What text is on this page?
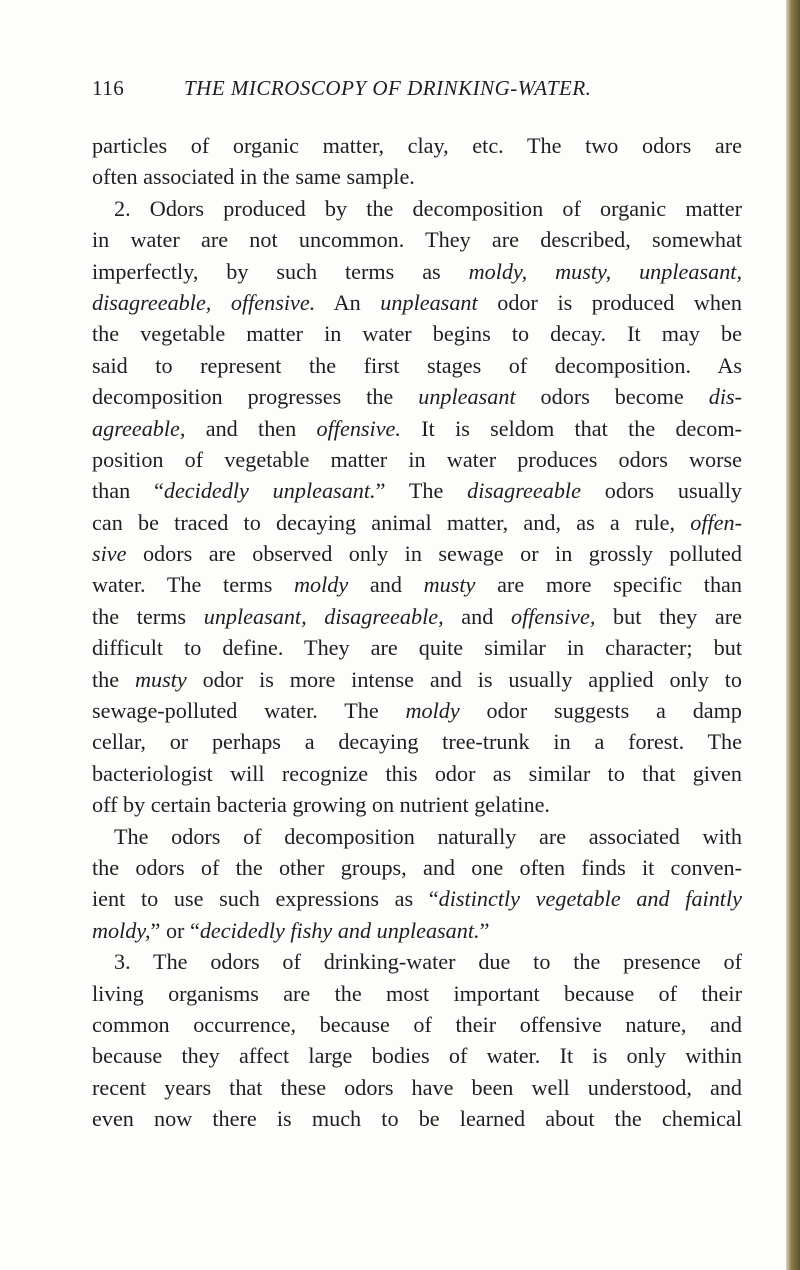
116	THE MICROSCOPY OF DRINKING-WATER.
particles of organic matter, clay, etc. The two odors are
often associated in the same sample.
2. Odors produced by the decomposition of organic matter
in water are not uncommon. They are described, somewhat
imperfectly, by such terms as moldy, musty, unpleasant,
disagreeable, offensive. An unpleasant odor is produced when
the vegetable matter in water begins to decay. It may be
said to represent the first stages of decomposition. As
decomposition progresses the unpleasant odors become dis-
agreeable, and then offensive. It is seldom that the decom-
position of vegetable matter in water produces odors worse
than “decidedly unpleasant.” The disagreeable odors usually
can be traced to decaying animal matter, and, as a rule, offen-
sive odors are observed only in sewage or in grossly polluted
water. The terms moldy and musty are more specific than
the terms unpleasant, disagreeable, and offensive, but they are
difficult to define. They are quite similar in character; but
the musty odor is more intense and is usually applied only to
sewage-polluted water. The moldy odor suggests a damp
cellar, or perhaps a decaying tree-trunk in a forest. The
bacteriologist will recognize this odor as similar to that given
off by certain bacteria growing on nutrient gelatine.
The odors of decomposition naturally are associated with
the odors of the other groups, and one often finds it conven-
ient to use such expressions as “distinctly vegetable and faintly
moldy,” or “decidedly fishy and unpleasant.”
3. The odors of drinking-water due to the presence of
living organisms are the most important because of their
common occurrence, because of their offensive nature, and
because they affect large bodies of water. It is only within
recent years that these odors have been well understood, and
even now there is much to be learned about the chemical
